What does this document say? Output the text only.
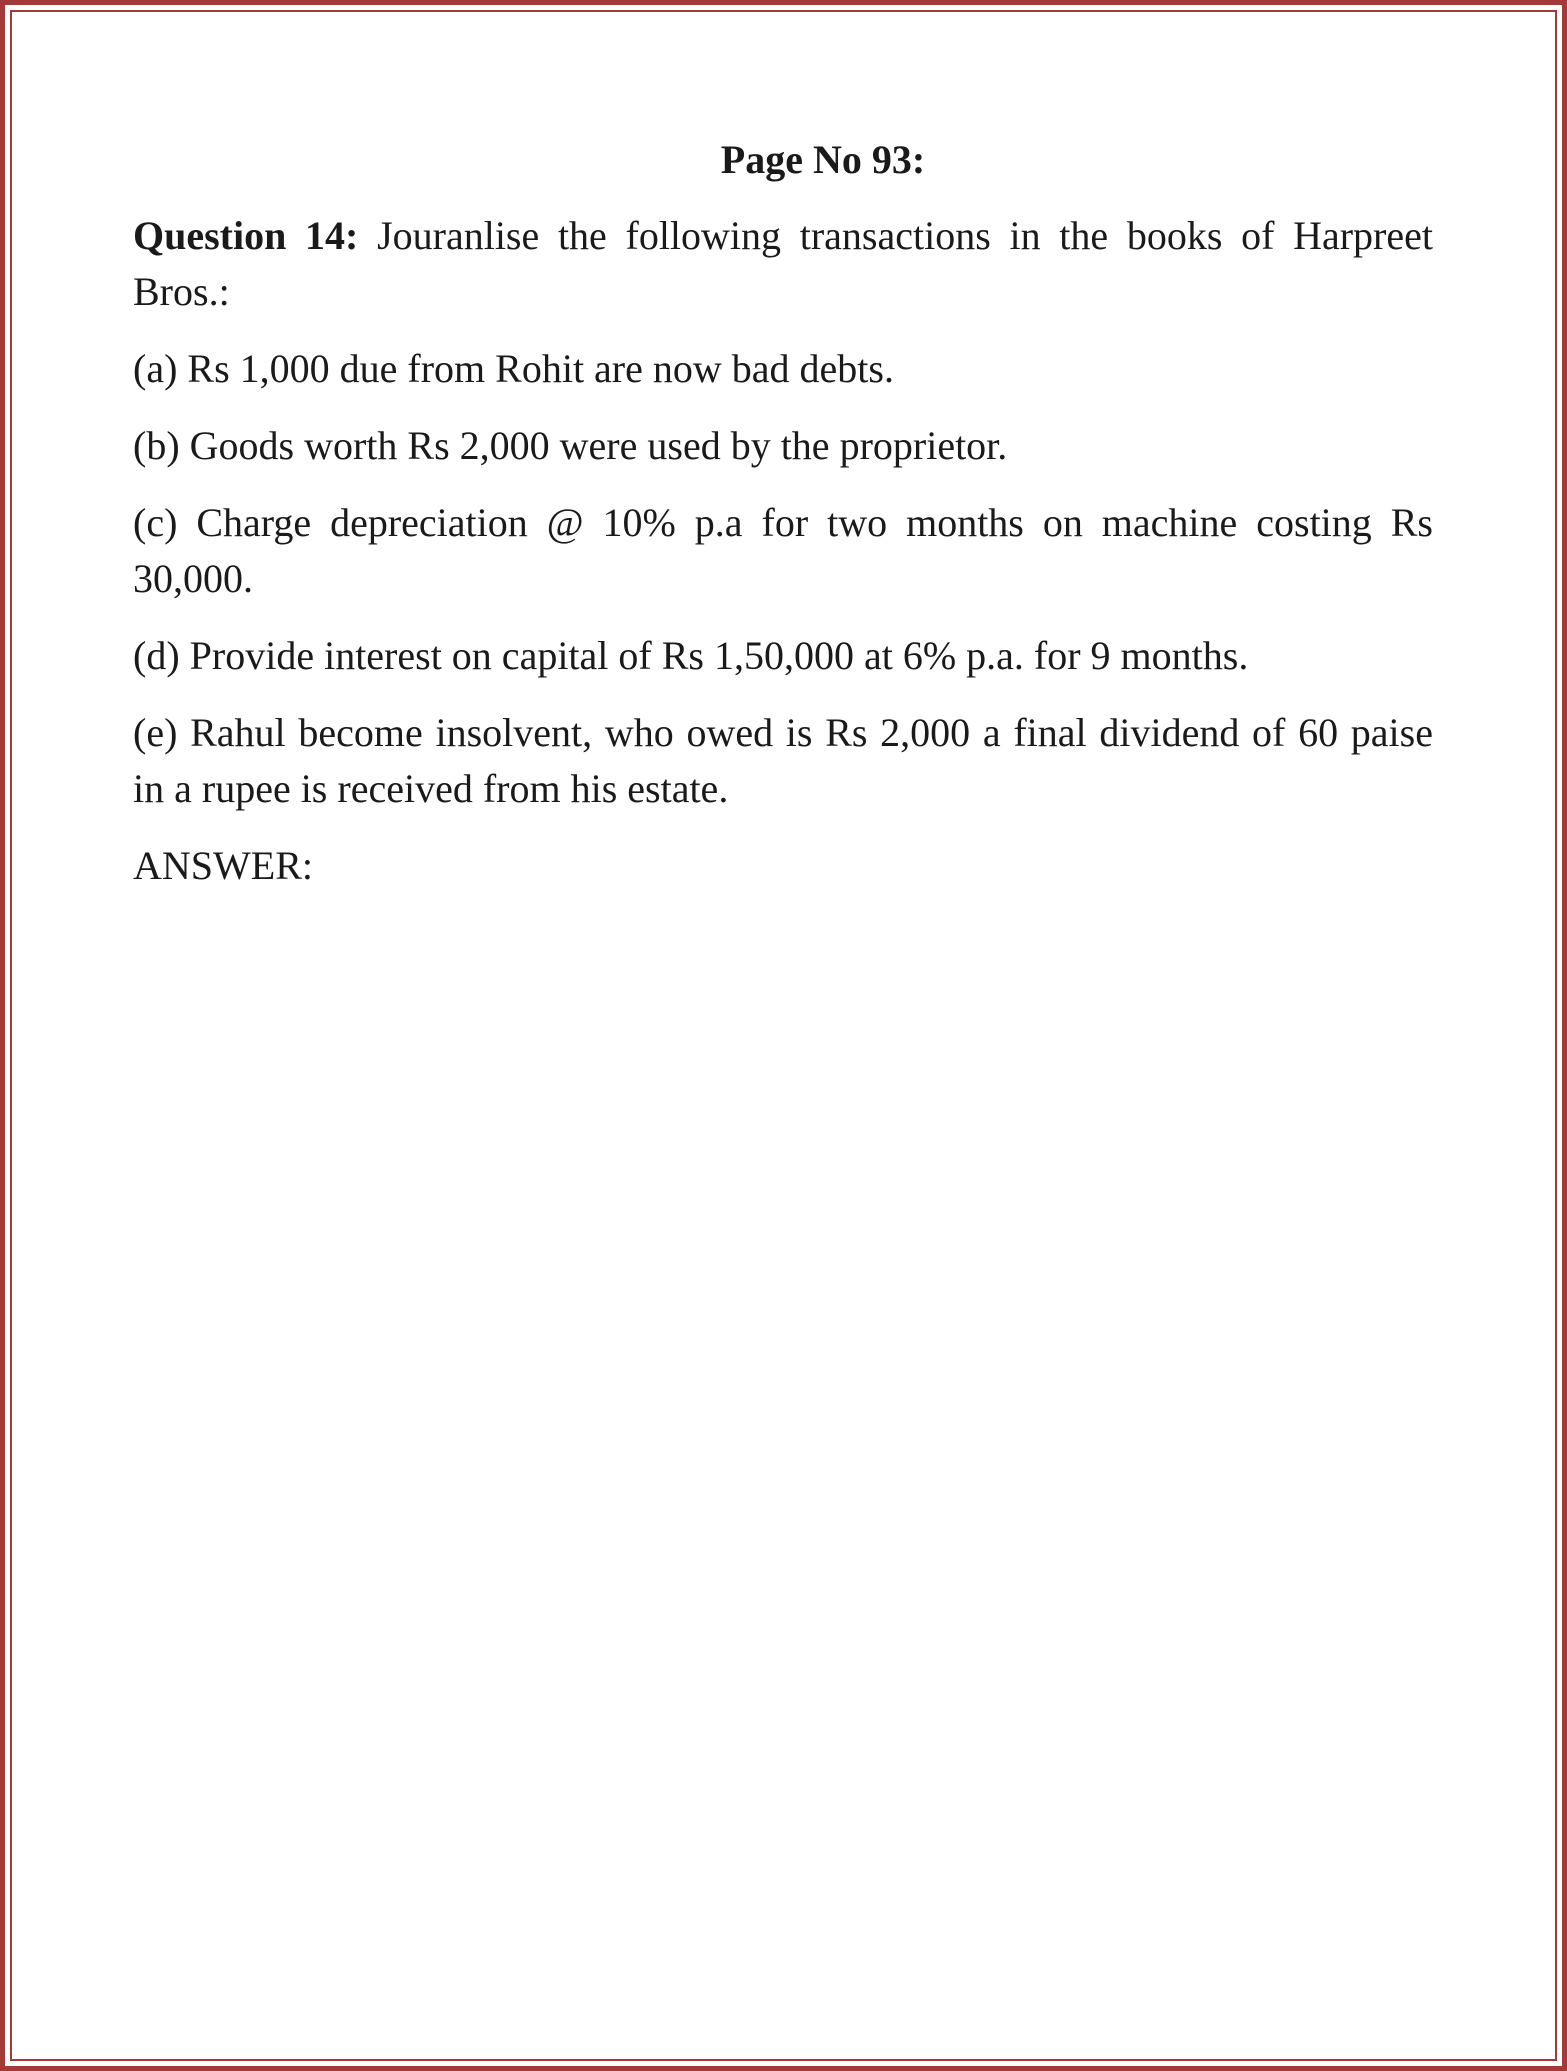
Page No 93:
Question 14: Jouranlise the following transactions in the books of Harpreet Bros.:
(a) Rs 1,000 due from Rohit are now bad debts.
(b) Goods worth Rs 2,000 were used by the proprietor.
(c) Charge depreciation @ 10% p.a for two months on machine costing Rs 30,000.
(d) Provide interest on capital of Rs 1,50,000 at 6% p.a. for 9 months.
(e) Rahul become insolvent, who owed is Rs 2,000 a final dividend of 60 paise in a rupee is received from his estate.
ANSWER:
